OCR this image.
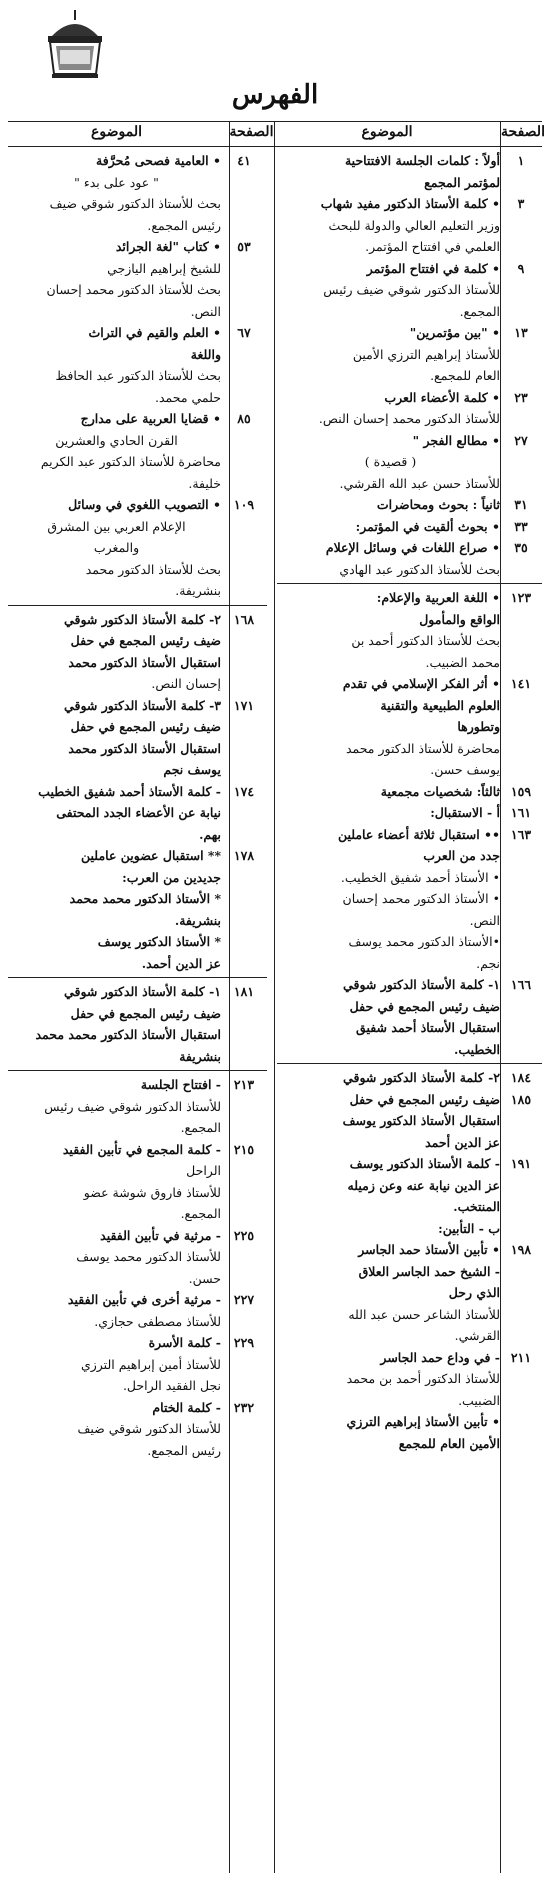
الفهرس
الصفحة
الموضوع
الصفحة
الموضوع
١
أولاً : كلمات الجلسة الافتتاحية
لمؤتمر المجمع
٣
• كلمة الأستاذ الدكتور مفيد شهاب
وزير التعليم العالي والدولة للبحث
العلمي في افتتاح المؤتمر.
٩
• كلمة في افتتاح المؤتمر
للأستاذ الدكتور شوقي ضيف رئيس
المجمع.
١٣
• "بين مؤتمرين"
للأستاذ إبراهيم الترزي الأمين
العام للمجمع.
٢٣
• كلمة الأعضاء العرب
للأستاذ الدكتور محمد إحسان النص.
٢٧
• مطالع الفجر "
( قصيدة )
للأستاذ حسن عبد الله القرشي.
٣١
ثانياً : بحوث ومحاضرات
٣٣
• بحوث ألقيت في المؤتمر:
٣٥
• صراع اللغات في وسائل الإعلام
بحث للأستاذ الدكتور عبد الهادي
١٢٣
• اللغة العربية والإعلام:
الواقع والمأمول
بحث للأستاذ الدكتور أحمد بن
محمد الضبيب.
١٤١
• أثر الفكر الإسلامي في تقدم
العلوم الطبيعية والتقنية
وتطورها
محاضرة للأستاذ الدكتور محمد
يوسف حسن.
١٥٩
ثالثاً: شخصيات مجمعية
١٦١
أ - الاستقبال:
١٦٣
•• استقبال ثلاثة أعضاء عاملين
جدد من العرب
• الأستاذ أحمد شفيق الخطيب.
• الأستاذ الدكتور محمد إحسان
النص.
•الأستاذ الدكتور محمد يوسف
نجم.
١٦٦
١- كلمة الأستاذ الدكتور شوقي
ضيف رئيس المجمع في حفل
استقبال الأستاذ أحمد شفيق
الخطيب.
١٨٤
١٨٥
٢- كلمة الأستاذ الدكتور شوقي
ضيف رئيس المجمع في حفل
استقبال الأستاذ الدكتور يوسف
عز الدين أحمد
١٩١
- كلمة الأستاذ الدكتور يوسف
عز الدين نيابة عنه وعن زميله
المنتخب.
ب - التأبين:
١٩٨
• تأبين الأستاذ حمد الجاسر
- الشيخ حمد الجاسر العلاق
الذي رحل
للأستاذ الشاعر حسن عبد الله
القرشي.
٢١١
- في وداع حمد الجاسر
للأستاذ الدكتور أحمد بن محمد
الضبيب.
• تأبين الأستاذ إبراهيم الترزي
الأمين العام للمجمع
٤١
• العامية فصحى مُحرَّفة
" عود على بدء "
بحث للأستاذ الدكتور شوقي ضيف
رئيس المجمع.
٥٣
• كتاب "لغة الجرائد
للشيخ إبراهيم اليازجي
بحث للأستاذ الدكتور محمد إحسان
النص.
٦٧
• العلم والقيم في التراث
واللغة
بحث للأستاذ الدكتور عبد الحافظ
حلمي محمد.
٨٥
• قضايا العربية على مدارج
القرن الحادي والعشرين
محاضرة للأستاذ الدكتور عبد الكريم
خليفة.
١٠٩
• التصويب اللغوي في وسائل
الإعلام العربي بين المشرق
والمغرب
بحث للأستاذ الدكتور محمد
بنشريفة.
١٦٨
٢- كلمة الأستاذ الدكتور شوقي
ضيف رئيس المجمع في حفل
استقبال الأستاذ الدكتور محمد
إحسان النص.
١٧١
٣- كلمة الأستاذ الدكتور شوقي
ضيف رئيس المجمع في حفل
استقبال الأستاذ الدكتور محمد
يوسف نجم
١٧٤
- كلمة الأستاذ أحمد شفيق الخطيب
نيابة عن الأعضاء الجدد المحتفى
بهم.
١٧٨
** استقبال عضوين عاملين
جديدين من العرب:
* الأستاذ الدكتور محمد محمد
بنشريفة.
* الأستاذ الدكتور يوسف
عز الدين أحمد.
١٨١
١- كلمة الأستاذ الدكتور شوقي
ضيف رئيس المجمع في حفل
استقبال الأستاذ الدكتور محمد محمد
بنشريفة
٢١٣
- افتتاح الجلسة
للأستاذ الدكتور شوقي ضيف رئيس
المجمع.
٢١٥
- كلمة المجمع في تأبين الفقيد
الراحل
للأستاذ فاروق شوشة عضو
المجمع.
٢٢٥
- مرثية في تأبين الفقيد
للأستاذ الدكتور محمد يوسف
حسن.
٢٢٧
- مرثية أخرى في تأبين الفقيد
للأستاذ مصطفى حجازي.
٢٢٩
- كلمة الأسرة
للأستاذ أمين إبراهيم الترزي
نجل الفقيد الراحل.
٢٣٢
- كلمة الختام
للأستاذ الدكتور شوقي ضيف
رئيس المجمع.
